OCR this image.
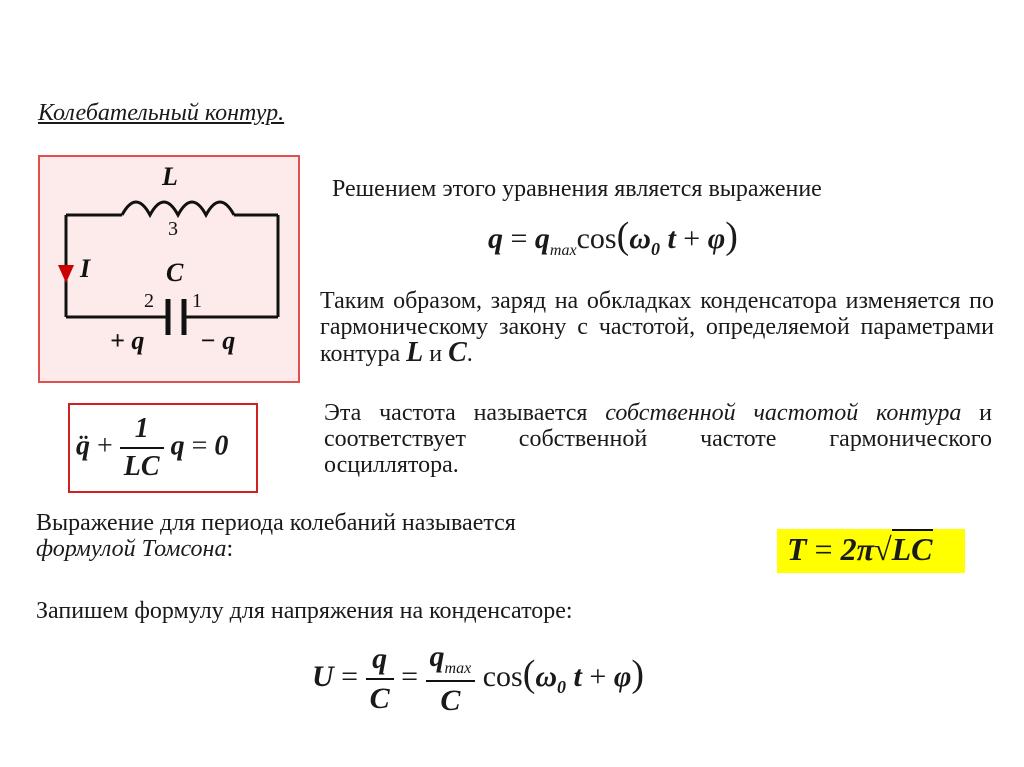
Колебательный контур.
L
3
I	C
2 1
+ q − q
Решением этого уравнения является выражение
$q = q_{max}\cos(\omega_0$ t + φ)
Таким образом, заряд на обкладках конденсатора изменяется по гармоническому закону с частотой, определяемой параметрами контура L и C.
Эта частота называется собственной частотой контура и соответствует собственной частоте гармонического осциллятора.
q̈ + $\frac{1}{LC}$ q = 0
Выражение для периода колебаний называется
формулой Томсона:	T = 2π√LC
Запишем формулу для напряжения на конденсаторе:
$U = \frac{q}{C} = \frac{q_{max}}{C} \cos(\omega_0$ t + φ)
